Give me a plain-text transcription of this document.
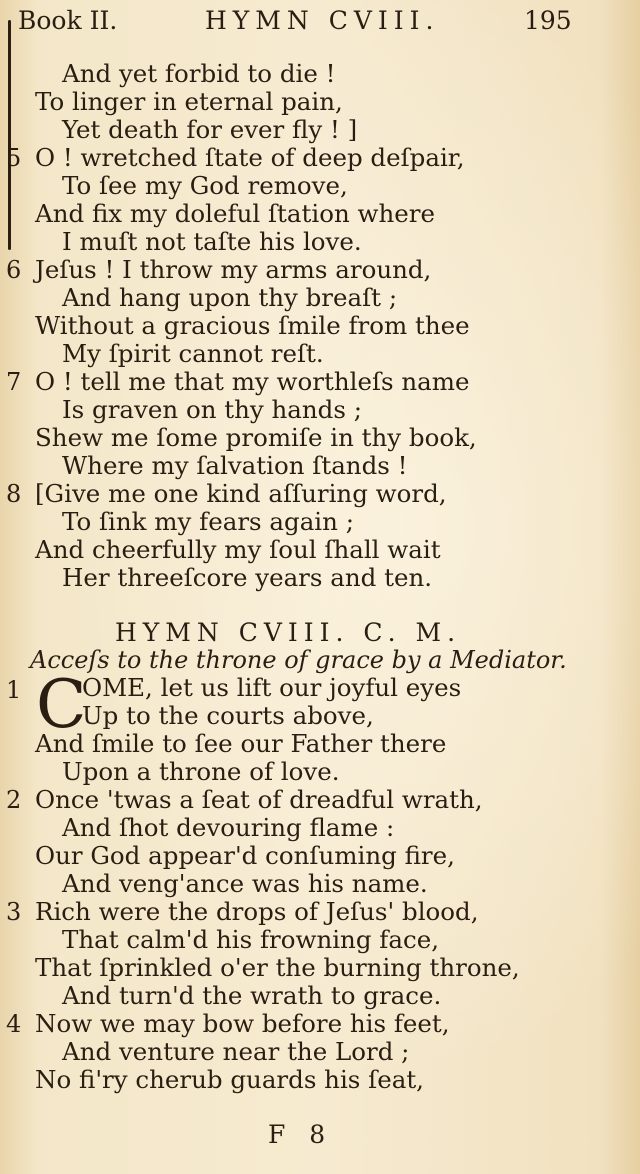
Book II.	HYMN CVIII.	195
And yet forbid to die !
To linger in eternal pain,
Yet death for ever fly ! ]
5 O ! wretched ſtate of deep deſpair,
To ſee my God remove,
And fix my doleful ſtation where
I muſt not taſte his love.
6 Jeſus ! I throw my arms around,
And hang upon thy breaſt ;
Without a gracious ſmile from thee
My ſpirit cannot reſt.
7 O ! tell me that my worthleſs name
Is graven on thy hands ;
Shew me ſome promiſe in thy book,
Where my ſalvation ſtands !
8 [Give me one kind aſſuring word,
To ſink my fears again ;
And cheerfully my ſoul ſhall wait
Her threeſcore years and ten.
HYMN CVIII. C. M.
Acceſs to the throne of grace by a Mediator.
1 C
OME, let us lift our joyful eyes
Up to the courts above,
And ſmile to ſee our Father there
Upon a throne of love.
2 Once 'twas a ſeat of dreadful wrath,
And ſhot devouring flame :
Our God appear'd conſuming fire,
And veng'ance was his name.
3 Rich were the drops of Jeſus' blood,
That calm'd his frowning face,
That ſprinkled o'er the burning throne,
And turn'd the wrath to grace.
4 Now we may bow before his feet,
And venture near the Lord ;
No fi'ry cherub guards his ſeat,
F 8
